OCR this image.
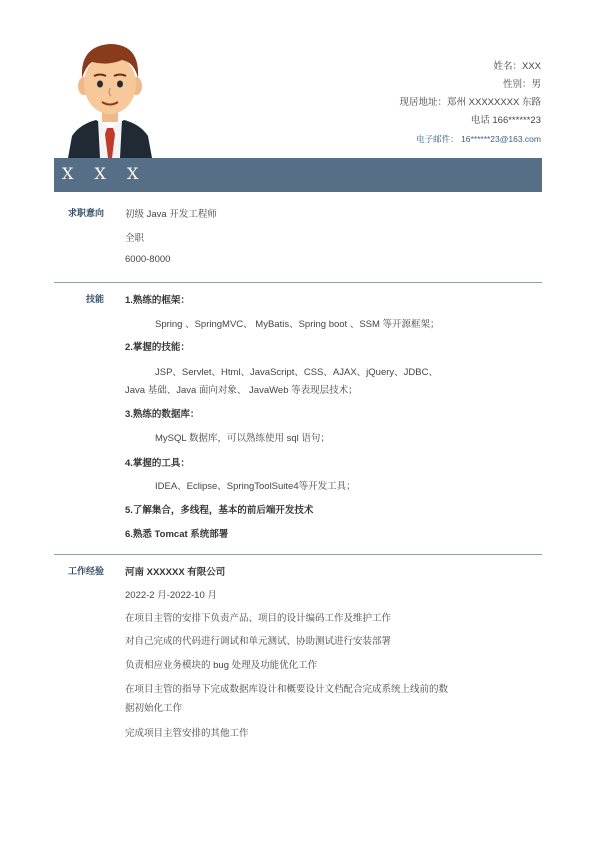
姓名：XXX
性别：男
现居地址：郑州 XXXXXXXX 东路
电话 166******23
电子邮件： 16******23@163.com
X X X
求职意向 初级 Java 开发工程师
全职
6000-8000
技能 1.熟练的框架：
Spring 、SpringMVC、 MyBatis、Spring boot 、SSM 等开源框架；
2.掌握的技能：
JSP、Servlet、Html、JavaScript、CSS、AJAX、jQuery、JDBC、
Java 基础、Java 面向对象、 JavaWeb 等表现层技术；
3.熟练的数据库：
MySQL 数据库，可以熟练使用 sql 语句；
4.掌握的工具：
IDEA、Eclipse、SpringToolSuite4等开发工具；
5.了解集合，多线程，基本的前后端开发技术
6.熟悉 Tomcat 系统部署
工作经验 河南 XXXXXX 有限公司
2022-2 月-2022-10 月
在项目主管的安排下负责产品、项目的设计编码工作及维护工作
对自己完成的代码进行调试和单元测试、协助测试进行安装部署
负责相应业务模块的 bug 处理及功能优化工作
在项目主管的指导下完成数据库设计和概要设计文档配合完成系统上线前的数
据初始化工作
完成项目主管安排的其他工作
